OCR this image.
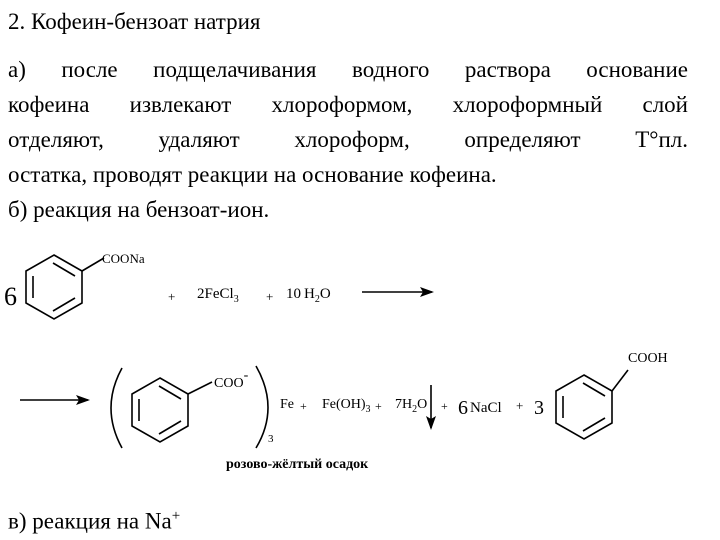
2. Кофеин-бензоат натрия
а) после подщелачивания водного раствора основание
кофеина извлекают хлороформом, хлороформный слой
отделяют, удаляют хлороформ, определяют Т°пл.
остатка, проводят реакции на основание кофеина.
б) реакция на бензоат-ион.
6
COONa
+ 2FeCl$_3$ + 10 $H_2O$
COO-
3
$Fe + Fe(OH)_3 + 7H_2O + 6$ NaCl + 3
COOH
розово-жёлтый осадок
в) реакция на Na+
